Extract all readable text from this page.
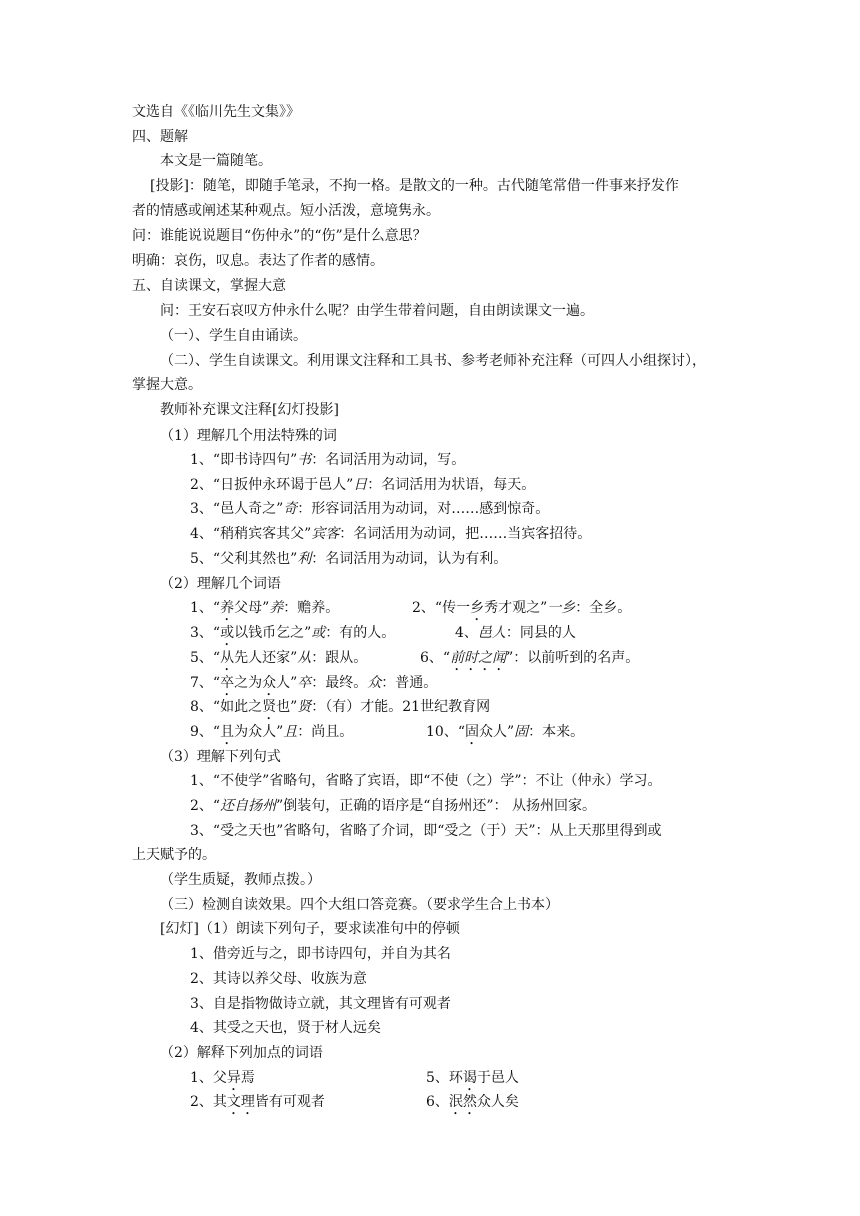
文选自《《临川先生文集》》
四、题解
本文是一篇随笔。
[投影]：随笔，即随手笔录，不拘一格。是散文的一种。古代随笔常借一件事来抒发作
者的情感或阐述某种观点。短小活泼，意境隽永。
问：谁能说说题目“伤仲永”的“伤”是什么意思？
明确：哀伤，叹息。表达了作者的感情。
五、自读课文，掌握大意
问：王安石哀叹方仲永什么呢？由学生带着问题，自由朗读课文一遍。
（一）、学生自由诵读。
（二）、学生自读课文。利用课文注释和工具书、参考老师补充注释（可四人小组探讨），
掌握大意。
教师补充课文注释[幻灯投影]
（1）理解几个用法特殊的词
1、“即书诗四句”书：名词活用为动词，写。
2、“日扳仲永环谒于邑人”日：名词活用为状语，每天。
3、“邑人奇之”奇：形容词活用为动词，对……感到惊奇。
4、“稍稍宾客其父”宾客：名词活用为动词，把……当宾客招待。
5、“父利其然也”利：名词活用为动词，认为有利。
（2）理解几个词语
1、“养父母”养：赡养。	2、“传一乡秀才观之”一乡：全乡。
3、“或以钱币乞之”或：有的人。	4、邑人：同县的人
5、“从先人还家”从：跟从。	6、“前时之闻”：以前听到的名声。
7、“卒之为众人”卒：最终。众：普通。
8、“如此之贤也”贤：（有）才能。21世纪教育网
9、“且为众人”且：尚且。	10、“固众人”固：本来。
（3）理解下列句式
1、“不使学”省略句，省略了宾语，即“不使（之）学”：不让（仲永）学习。
2、“还自扬州”倒装句，正确的语序是“自扬州还”： 从扬州回家。
3、“受之天也”省略句，省略了介词，即“受之（于）天”：从上天那里得到或
上天赋予的。
（学生质疑，教师点拨。）
（三）检测自读效果。四个大组口答竞赛。（要求学生合上书本）
[幻灯]（1）朗读下列句子，要求读准句中的停顿
1、借旁近与之，即书诗四句，并自为其名
2、其诗以养父母、收族为意
3、自是指物做诗立就，其文理皆有可观者
4、其受之天也，贤于材人远矣
（2）解释下列加点的词语
1、父异焉	5、环谒于邑人
2、其文理皆有可观者	6、泯然众人矣
